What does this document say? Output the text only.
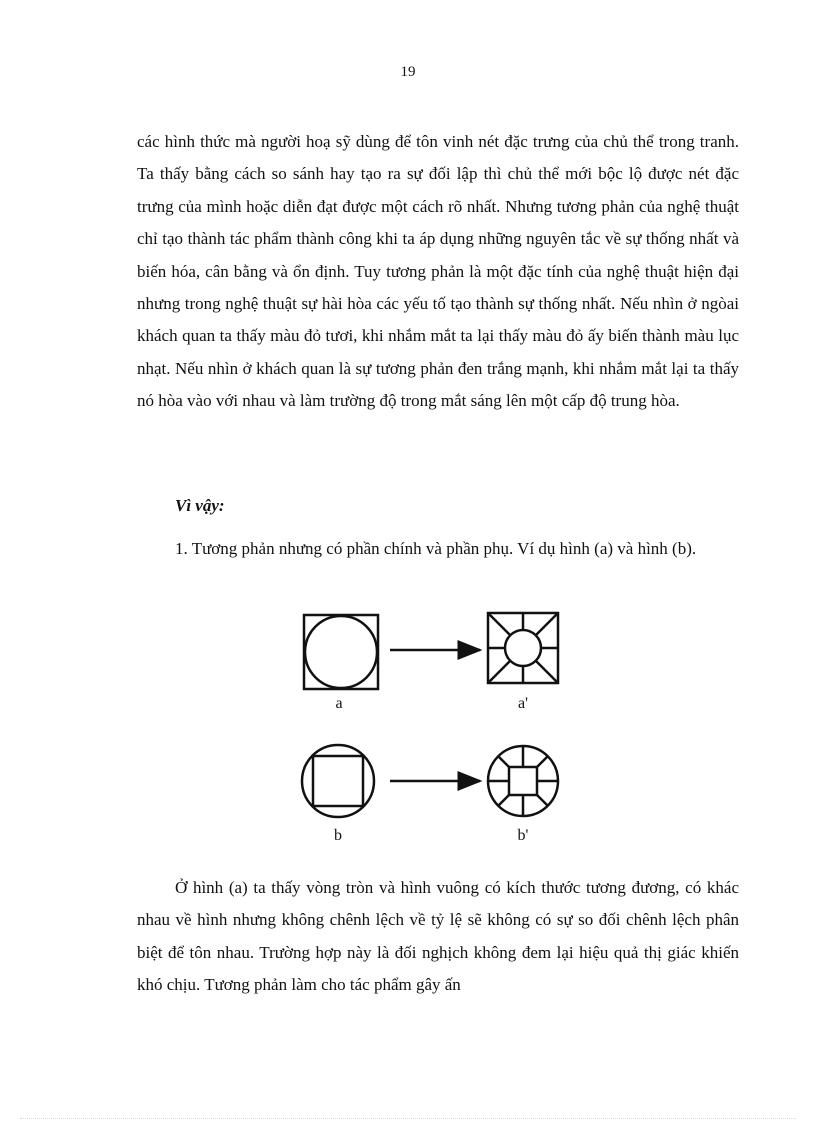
19

các hình thức mà người hoạ sỹ dùng để tôn vinh nét đặc trưng của chủ thể trong tranh. Ta thấy bằng cách so sánh hay tạo ra sự đối lập thì chủ thể mới bộc lộ được nét đặc trưng của mình hoặc diễn đạt được một cách rõ nhất. Nhưng tương phản của nghệ thuật chỉ tạo thành tác phẩm thành công khi ta áp dụng những nguyên tắc về sự thống nhất và biến hóa, cân bằng và ổn định. Tuy tương phản là một đặc tính của nghệ thuật hiện đại nhưng trong nghệ thuật sự hài hòa các yếu tố tạo thành sự thống nhất. Nếu nhìn ở ngòai khách quan ta thấy màu đỏ tươi, khi nhắm mắt ta lại thấy màu đỏ ấy biến thành màu lục nhạt. Nếu nhìn ở khách quan là sự tương phản đen trắng mạnh, khi nhắm mắt lại ta thấy nó hòa vào với nhau và làm trường độ trong mắt sáng lên một cấp độ trung hòa.

Vì vậy:

1. Tương phản nhưng có phần chính và phần phụ. Ví dụ hình (a) và hình (b).

a	a'
b	b'

Ở hình (a) ta thấy vòng tròn và hình vuông có kích thước tương đương, có khác nhau về hình nhưng không chênh lệch về tỷ lệ sẽ không có sự so đối chênh lệch phân biệt để tôn nhau. Trường hợp này là đối nghịch không đem lại hiệu quả thị giác khiến khó chịu. Tương phản làm cho tác phẩm gây ấn
